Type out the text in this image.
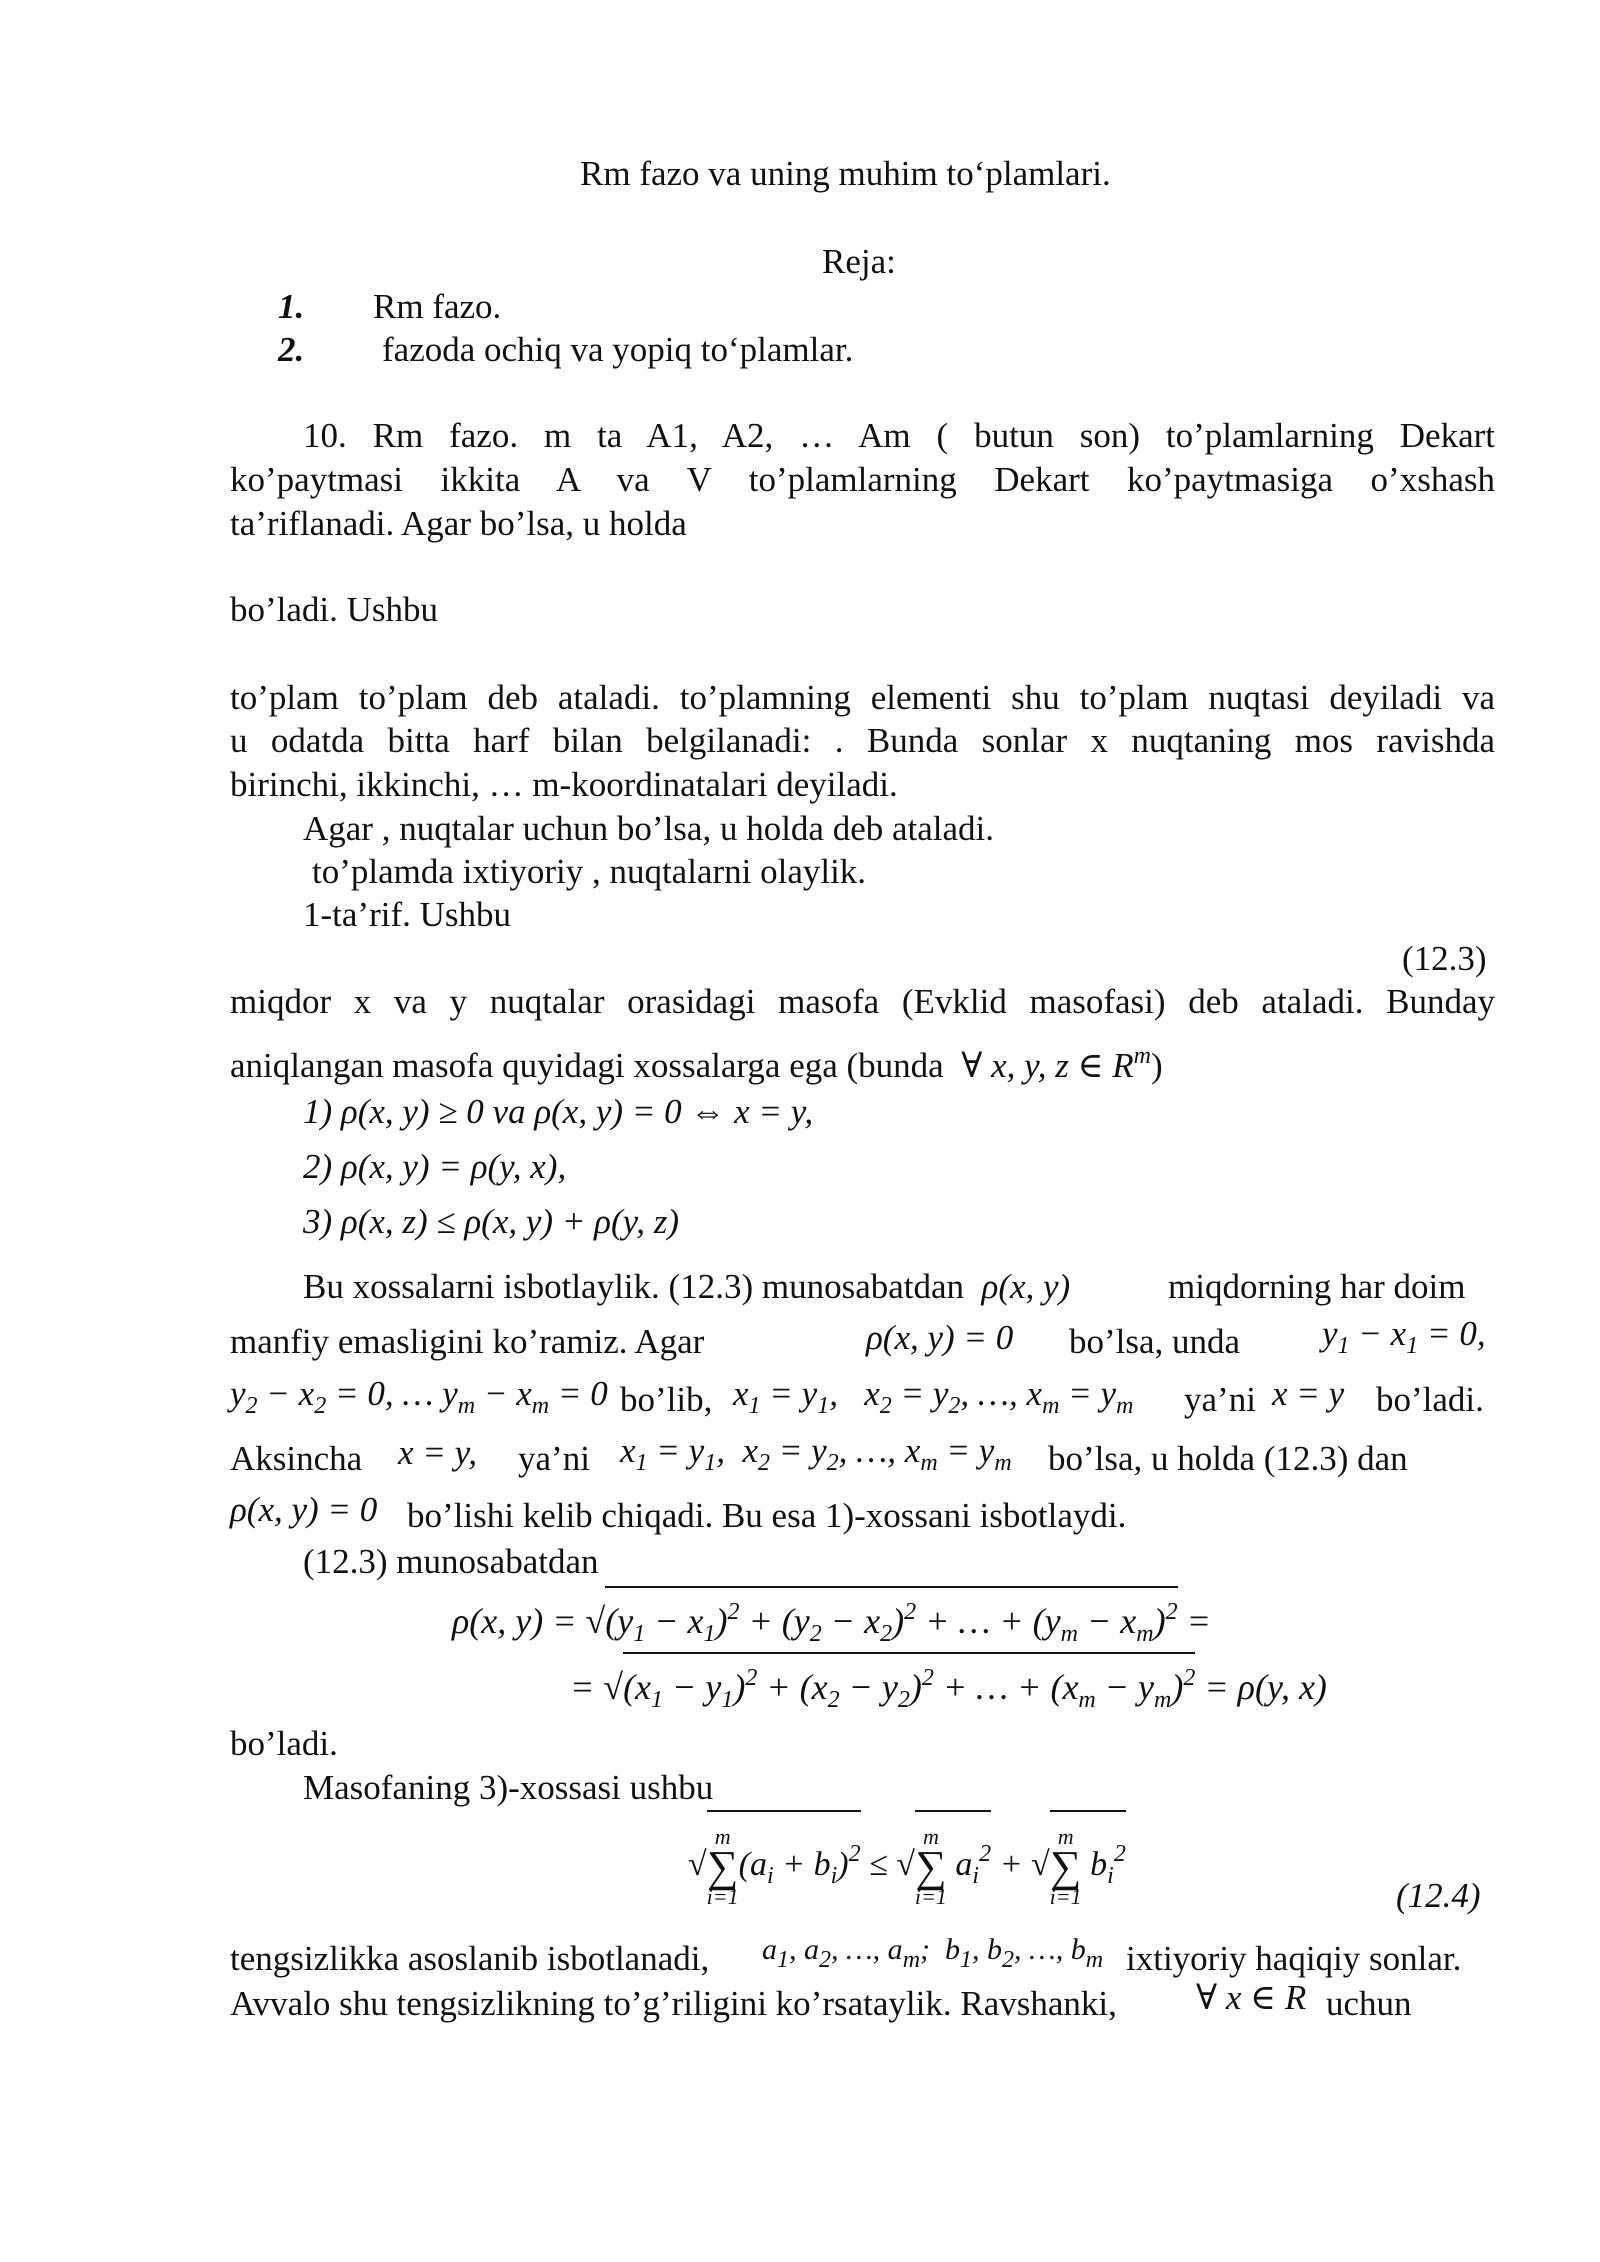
Rm fazo va uning muhim to‘plamlari.
Reja:
1. Rm fazo.
2. fazoda ochiq va yopiq to‘plamlar.
10. Rm fazo. m ta A1, A2, … Am ( butun son) to’plamlarning Dekart
ko’paytmasi ikkita A va V to’plamlarning Dekart ko’paytmasiga o’xshash
ta’riflanadi. Agar bo’lsa, u holda
bo’ladi. Ushbu
to’plam to’plam deb ataladi. to’plamning elementi shu to’plam nuqtasi deyiladi va
u odatda bitta harf bilan belgilanadi: . Bunda sonlar x nuqtaning mos ravishda
birinchi, ikkinchi, … m-koordinatalari deyiladi.
Agar , nuqtalar uchun bo’lsa, u holda deb ataladi.
to’plamda ixtiyoriy , nuqtalarni olaylik.
1-ta’rif. Ushbu
(12.3)
miqdor x va y nuqtalar orasidagi masofa (Evklid masofasi) deb ataladi. Bunday
aniqlangan masofa quyidagi xossalarga ega (bunda  ∀ x, y, z ∈ $R^m$)
1) ρ(x, y) ≥ 0 va ρ(x, y) = 0 ⇔ x = y,
2) ρ(x, y) = ρ(y, x),
3) ρ(x, z) ≤ ρ(x, y) + ρ(y, z)
Bu xossalarni isbotlaylik. (12.3) munosabatdan  ρ(x, y)	miqdorning har doim
manfiy emasligini ko’ramiz. Agar	ρ(x, y) = 0 bo’lsa, unda $y_1 - x_1 = 0$,
$y_2 - x_2 = 0$, … $y_m - x_m = 0$ bo’lib, $x_1 = y_1$,   $x_2 = y_2$, …, $x_m = y_m$ ya’ni x = y bo’ladi.
Aksincha x = y, ya’ni $x_1 = y_1$,  $x_2 = y_2$, …, $x_m = y_m$ bo’lsa, u holda (12.3) dan
ρ(x, y) = 0 bo’lishi kelib chiqadi. Bu esa 1)-xossani isbotlaydi.
(12.3) munosabatdan
ρ(x, $y) = √(y_1 - x_1)^2 + (y_2 - x_2)^2$ + … + $(y_m - x_m)^2$ =
= $√(x_1 - y_1)^2 + (x_2 - y_2)^2$ + … + $(x_m - y_m)^2 = \rho(y$, x)
bo’ladi.
Masofaning 3)-xossasi ushbu
√
m
∑
i=1
$(a_i + b_i)^2$ ≤ √
m
∑
i=1
$a_i^2$ + √
m
∑
i=1
$b_i^2$
(12.4)
tengsizlikka asoslanib isbotlanadi, $a_1$, $a_2$, …, $a_m$;  $b_1$, $b_2$, …, $b_m$ ixtiyoriy haqiqiy sonlar.
Avvalo shu tengsizlikning to’g’riligini ko’rsataylik. Ravshanki, ∀ x ∈ R uchun
